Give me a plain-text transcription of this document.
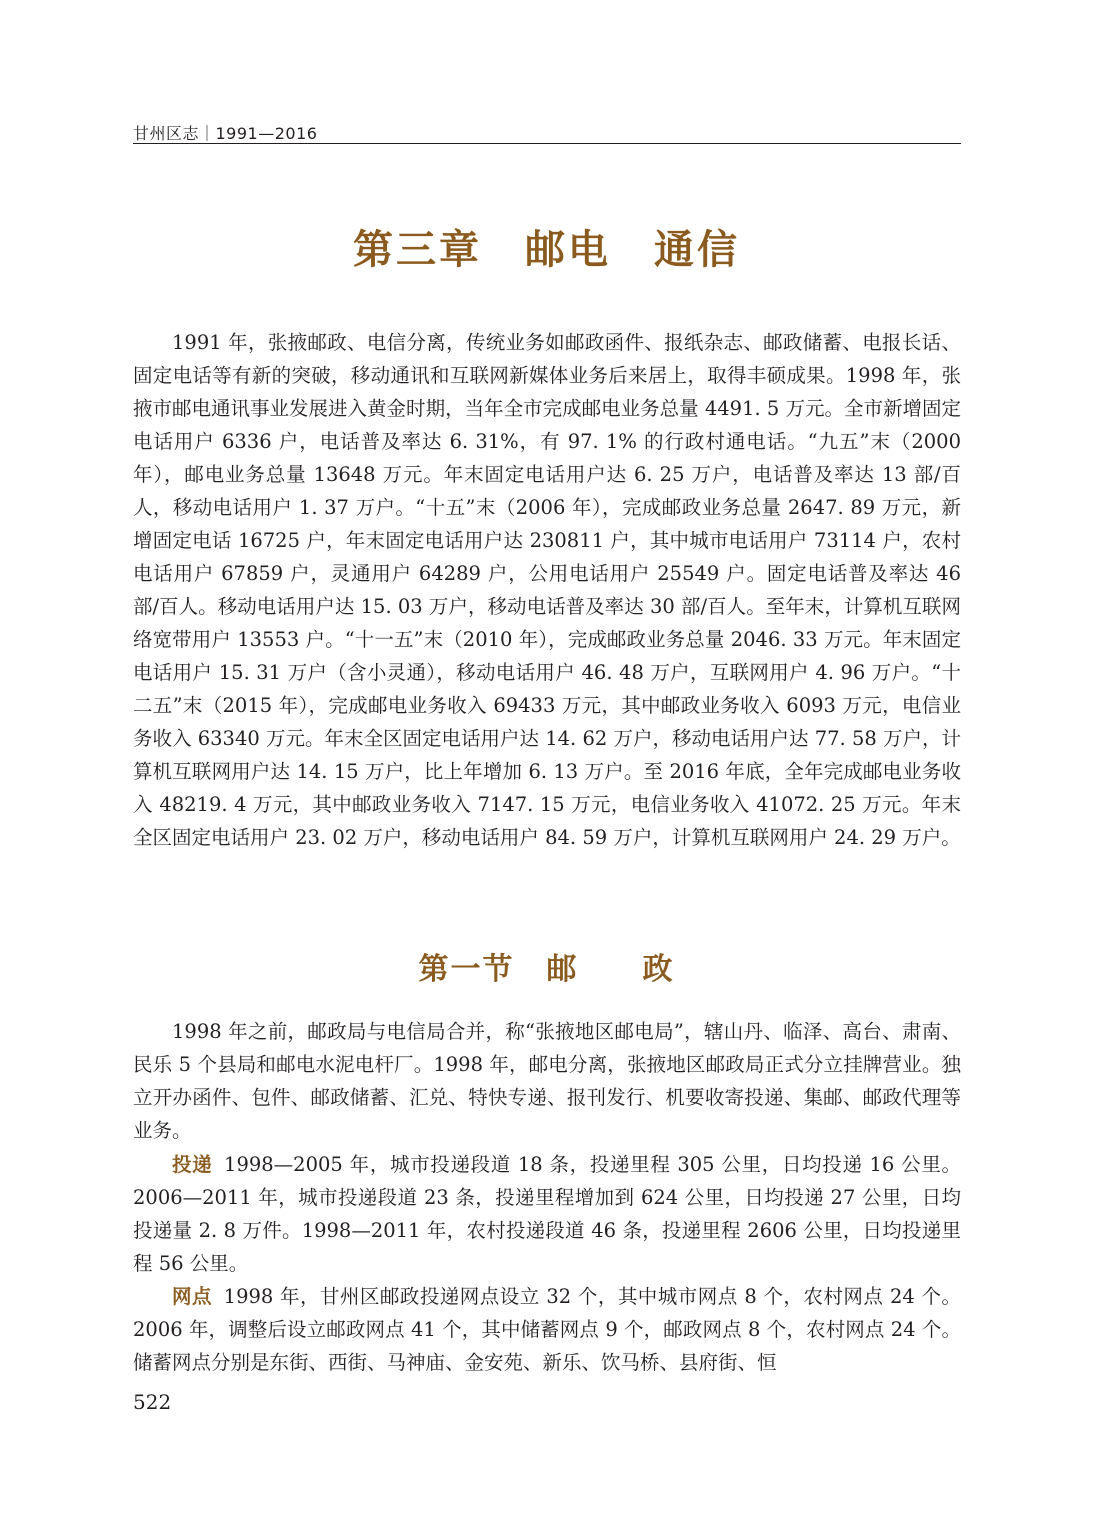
甘州区志｜1991—2016
第三章　邮电　通信

1991 年，张掖邮政、电信分离，传统业务如邮政函件、报纸杂志、邮政储蓄、电报长话、固定电话等有新的突破，移动通讯和互联网新媒体业务后来居上，取得丰硕成果。1998 年，张掖市邮电通讯事业发展进入黄金时期，当年全市完成邮电业务总量 4491. 5 万元。全市新增固定电话用户 6336 户，电话普及率达 6. 31%，有 97. 1% 的行政村通电话。“九五”末（2000 年），邮电业务总量 13648 万元。年末固定电话用户达 6. 25 万户，电话普及率达 13 部/百人，移动电话用户 1. 37 万户。“十五”末（2006 年），完成邮政业务总量 2647. 89 万元，新增固定电话 16725 户，年末固定电话用户达 230811 户，其中城市电话用户 73114 户，农村电话用户 67859 户，灵通用户 64289 户，公用电话用户 25549 户。固定电话普及率达 46 部/百人。移动电话用户达 15. 03 万户，移动电话普及率达 30 部/百人。至年末，计算机互联网络宽带用户 13553 户。“十一五”末（2010 年），完成邮政业务总量 2046. 33 万元。年末固定电话用户 15. 31 万户（含小灵通），移动电话用户 46. 48 万户，互联网用户 4. 96 万户。“十二五”末（2015 年），完成邮电业务收入 69433 万元，其中邮政业务收入 6093 万元，电信业务收入 63340 万元。年末全区固定电话用户达 14. 62 万户，移动电话用户达 77. 58 万户，计算机互联网用户达 14. 15 万户，比上年增加 6. 13 万户。至 2016 年底，全年完成邮电业务收入 48219. 4 万元，其中邮政业务收入 7147. 15 万元，电信业务收入 41072. 25 万元。年末全区固定电话用户 23. 02 万户，移动电话用户 84. 59 万户，计算机互联网用户 24. 29 万户。

第一节　邮　　政

1998 年之前，邮政局与电信局合并，称“张掖地区邮电局”，辖山丹、临泽、高台、肃南、民乐 5 个县局和邮电水泥电杆厂。1998 年，邮电分离，张掖地区邮政局正式分立挂牌营业。独立开办函件、包件、邮政储蓄、汇兑、特快专递、报刊发行、机要收寄投递、集邮、邮政代理等业务。

投递 1998—2005 年，城市投递段道 18 条，投递里程 305 公里，日均投递 16 公里。2006—2011 年，城市投递段道 23 条，投递里程增加到 624 公里，日均投递 27 公里，日均投递量 2. 8 万件。1998—2011 年，农村投递段道 46 条，投递里程 2606 公里，日均投递里程 56 公里。

网点 1998 年，甘州区邮政投递网点设立 32 个，其中城市网点 8 个，农村网点 24 个。2006 年，调整后设立邮政网点 41 个，其中储蓄网点 9 个，邮政网点 8 个，农村网点 24 个。储蓄网点分别是东街、西街、马神庙、金安苑、新乐、饮马桥、县府街、恒

522
